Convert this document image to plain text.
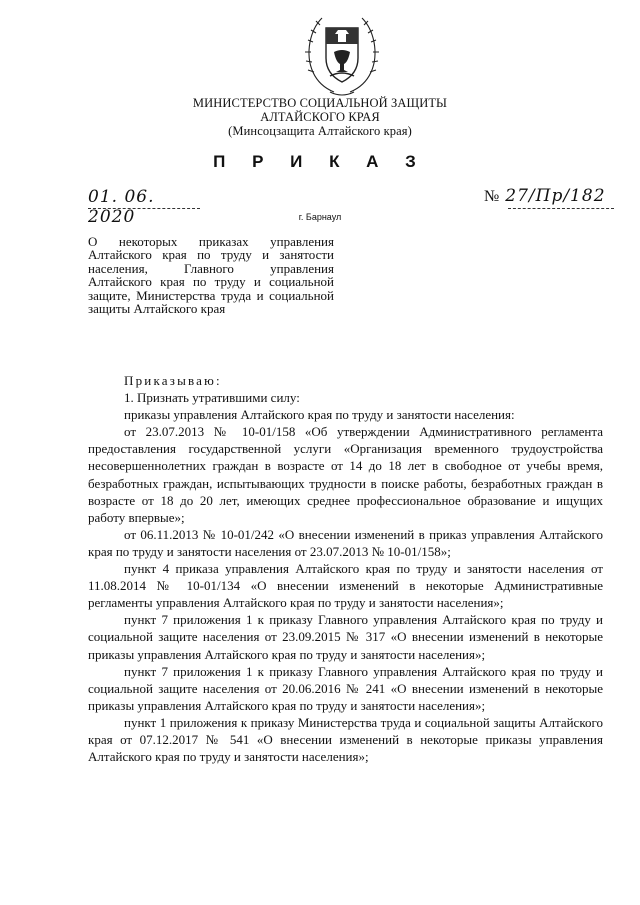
МИНИСТЕРСТВО СОЦИАЛЬНОЙ ЗАЩИТЫ
АЛТАЙСКОГО КРАЯ
(Минсоцзащита Алтайского края)
П Р И К А З
01. 06. 2020
№ 27/Пр/182
г. Барнаул
О некоторых приказах управления Алтайского края по труду и занятости населения, Главного управления Алтайского края по труду и социальной защите, Министерства труда и социальной защиты Алтайского края

Приказываю:

1. Признать утратившими силу:

приказы управления Алтайского края по труду и занятости населения:

от 23.07.2013 № 10-01/158 «Об утверждении Административного регламента предоставления государственной услуги «Организация временного трудоустройства несовершеннолетних граждан в возрасте от 14 до 18 лет в свободное от учебы время, безработных граждан, испытывающих трудности в поиске работы, безработных граждан в возрасте от 18 до 20 лет, имеющих среднее профессиональное образование и ищущих работу впервые»;

от 06.11.2013 № 10-01/242 «О внесении изменений в приказ управления Алтайского края по труду и занятости населения от 23.07.2013 № 10-01/158»;

пункт 4 приказа управления Алтайского края по труду и занятости населения от 11.08.2014 № 10-01/134 «О внесении изменений в некоторые Административные регламенты управления Алтайского края по труду и занятости населения»;

пункт 7 приложения 1 к приказу Главного управления Алтайского края по труду и социальной защите населения от 23.09.2015 № 317 «О внесении изменений в некоторые приказы управления Алтайского края по труду и занятости населения»;

пункт 7 приложения 1 к приказу Главного управления Алтайского края по труду и социальной защите населения от 20.06.2016 № 241 «О внесении изменений в некоторые приказы управления Алтайского края по труду и занятости населения»;

пункт 1 приложения к приказу Министерства труда и социальной защиты Алтайского края от 07.12.2017 № 541 «О внесении изменений в некоторые приказы управления Алтайского края по труду и занятости населения»;
